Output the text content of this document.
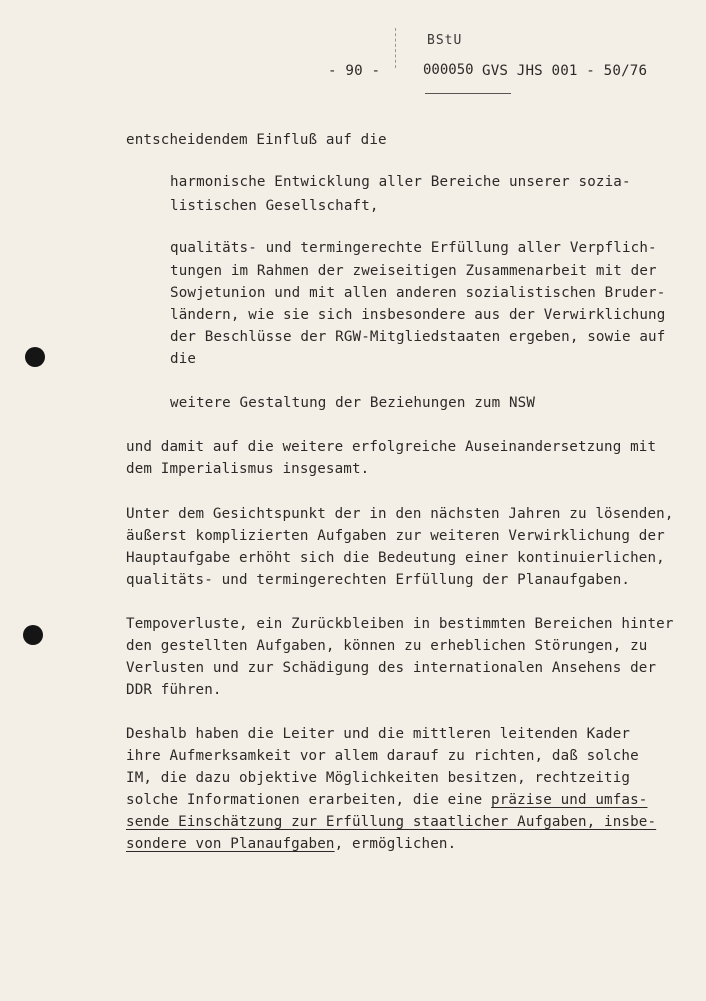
- 90 -
BStU
000050 GVS JHS 001 - 50/76
entscheidendem Einfluß auf die
harmonische Entwicklung aller Bereiche unserer sozia-
listischen Gesellschaft,
qualitäts- und termingerechte Erfüllung aller Verpflich-
tungen im Rahmen der zweiseitigen Zusammenarbeit mit der
Sowjetunion und mit allen anderen sozialistischen Bruder-
ländern, wie sie sich insbesondere aus der Verwirklichung
der Beschlüsse der RGW-Mitgliedstaaten ergeben, sowie auf
die
weitere Gestaltung der Beziehungen zum NSW
und damit auf die weitere erfolgreiche Auseinandersetzung mit
dem Imperialismus insgesamt.
Unter dem Gesichtspunkt der in den nächsten Jahren zu lösenden,
äußerst komplizierten Aufgaben zur weiteren Verwirklichung der
Hauptaufgabe erhöht sich die Bedeutung einer kontinuierlichen,
qualitäts- und termingerechten Erfüllung der Planaufgaben.
Tempoverluste, ein Zurückbleiben in bestimmten Bereichen hinter
den gestellten Aufgaben, können zu erheblichen Störungen, zu
Verlusten und zur Schädigung des internationalen Ansehens der
DDR führen.
Deshalb haben die Leiter und die mittleren leitenden Kader
ihre Aufmerksamkeit vor allem darauf zu richten, daß solche
IM, die dazu objektive Möglichkeiten besitzen, rechtzeitig
solche Informationen erarbeiten, die eine präzise und umfas-
sende Einschätzung zur Erfüllung staatlicher Aufgaben, insbe-
sondere von Planaufgaben, ermöglichen.
